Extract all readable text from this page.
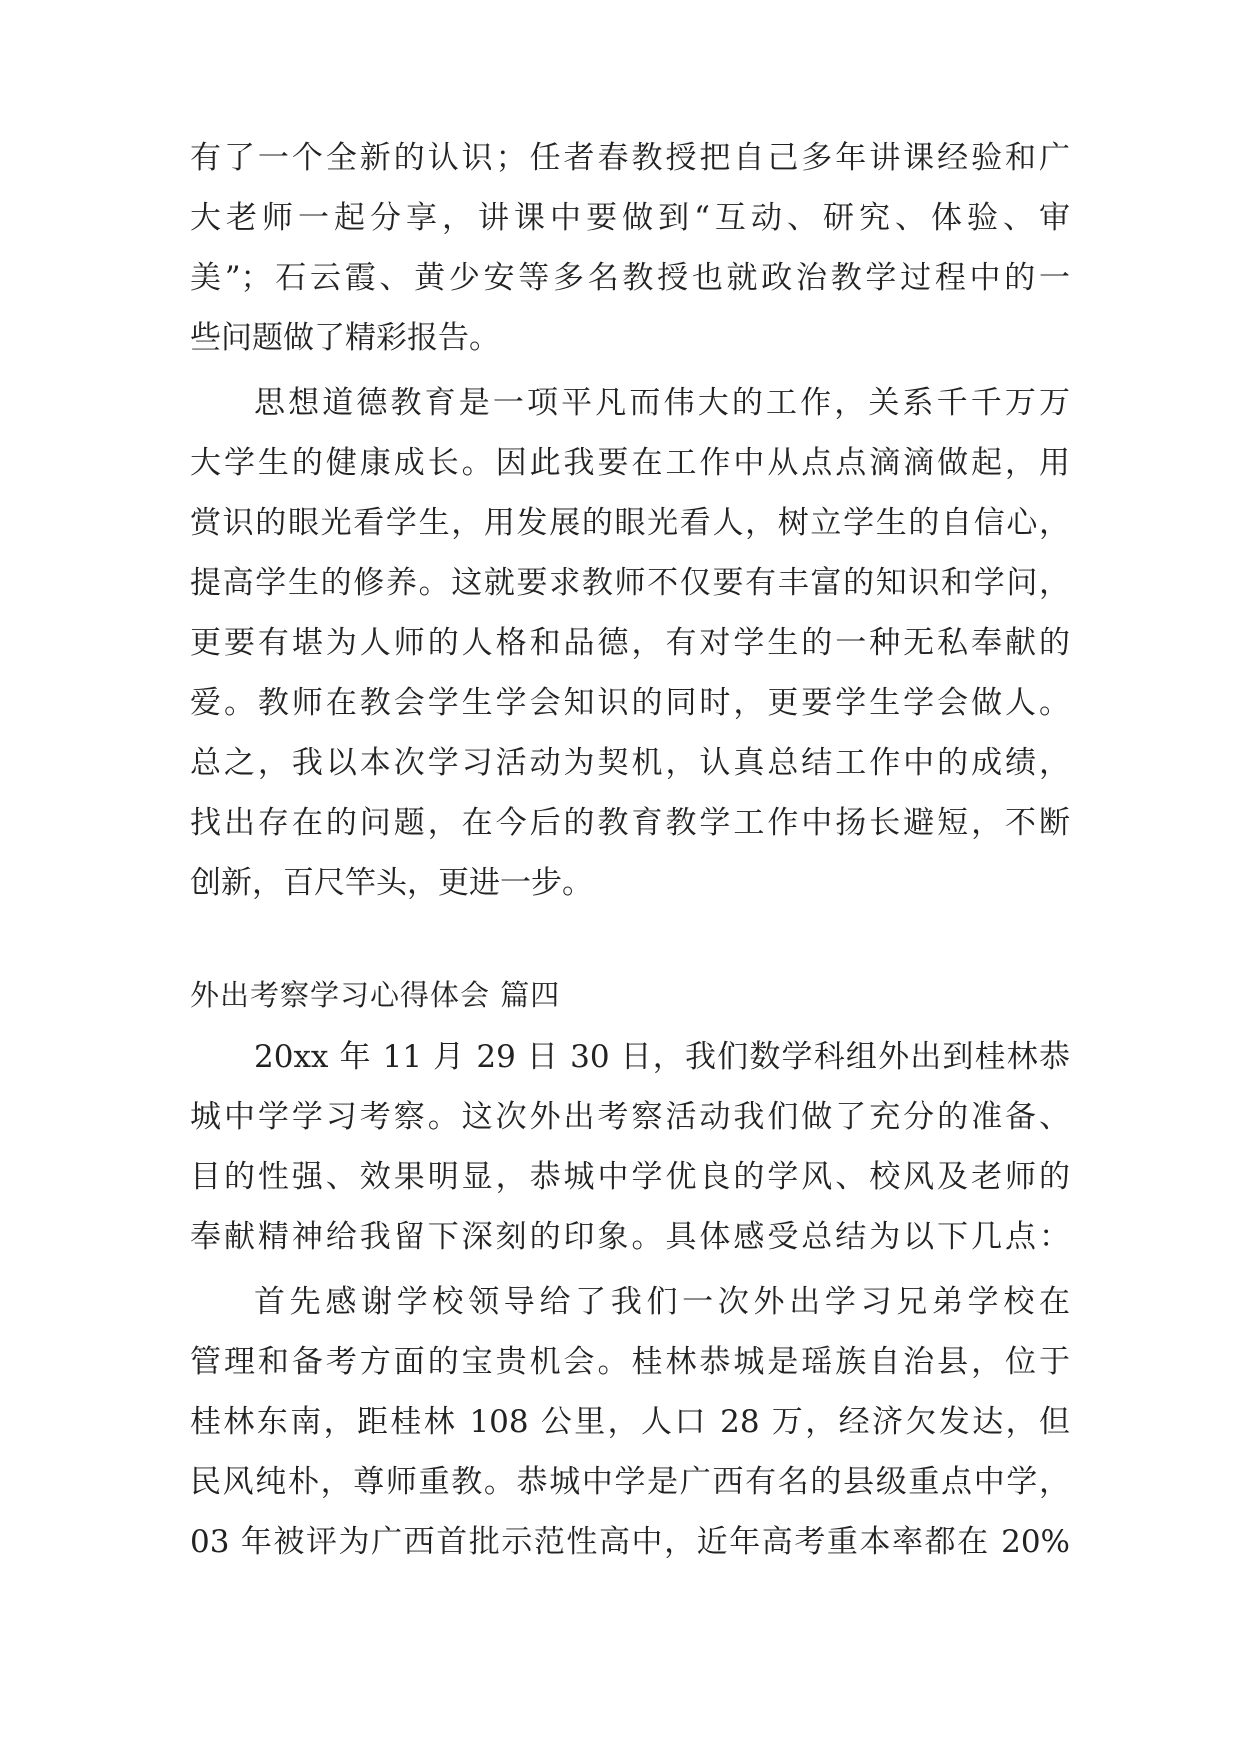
有了一个全新的认识；任者春教授把自己多年讲课经验和广
大老师一起分享，讲课中要做到“互动、研究、体验、审
美”；石云霞、黄少安等多名教授也就政治教学过程中的一
些问题做了精彩报告。
思想道德教育是一项平凡而伟大的工作，关系千千万万
大学生的健康成长。因此我要在工作中从点点滴滴做起，用
赏识的眼光看学生，用发展的眼光看人，树立学生的自信心，
提高学生的修养。这就要求教师不仅要有丰富的知识和学问，
更要有堪为人师的人格和品德，有对学生的一种无私奉献的
爱。教师在教会学生学会知识的同时，更要学生学会做人。
总之，我以本次学习活动为契机，认真总结工作中的成绩，
找出存在的问题，在今后的教育教学工作中扬长避短，不断
创新，百尺竿头，更进一步。
外出考察学习心得体会 篇四
20xx 年 11 月 29 日 30 日，我们数学科组外出到桂林恭
城中学学习考察。这次外出考察活动我们做了充分的准备、
目的性强、效果明显，恭城中学优良的学风、校风及老师的
奉献精神给我留下深刻的印象。具体感受总结为以下几点：
首先感谢学校领导给了我们一次外出学习兄弟学校在
管理和备考方面的宝贵机会。桂林恭城是瑶族自治县，位于
桂林东南，距桂林 108 公里，人口 28 万，经济欠发达，但
民风纯朴，尊师重教。恭城中学是广西有名的县级重点中学，
03 年被评为广西首批示范性高中，近年高考重本率都在 20%
